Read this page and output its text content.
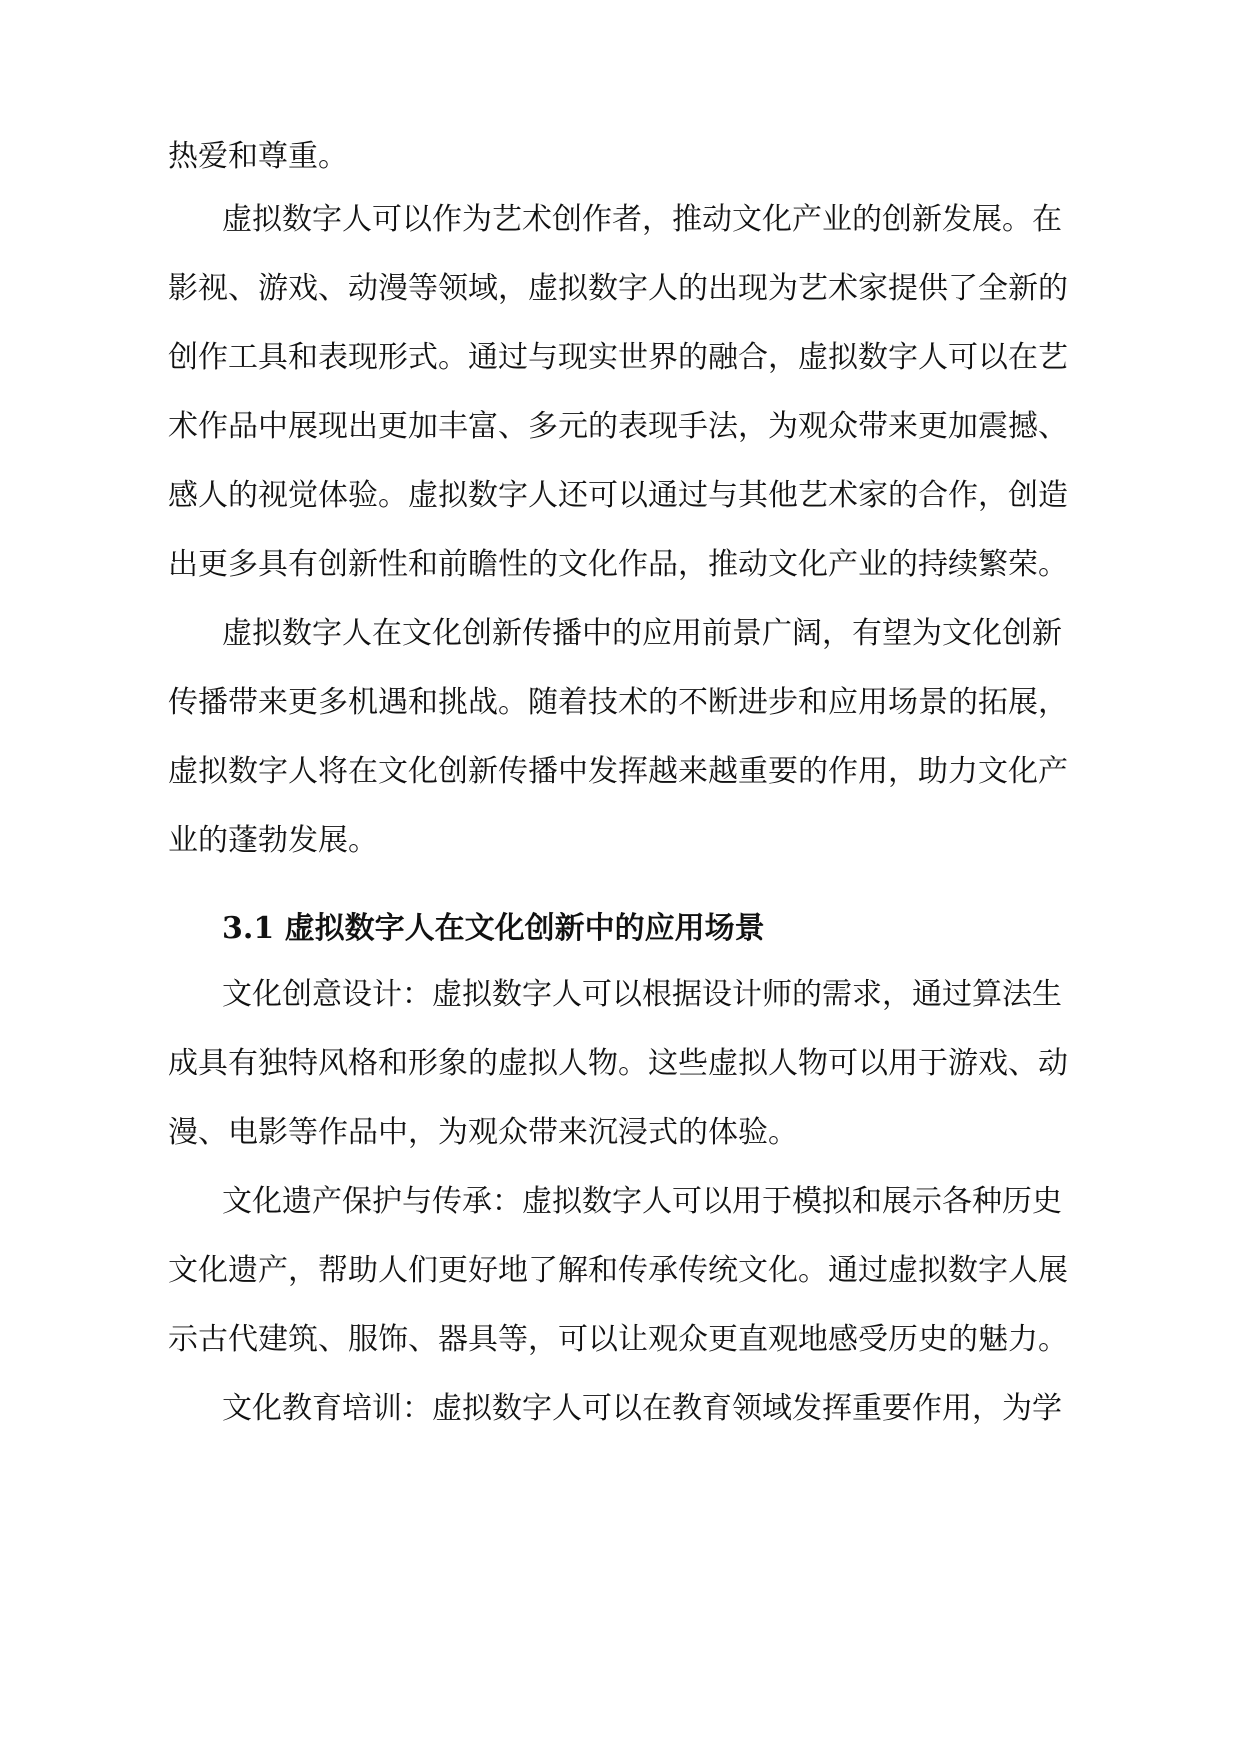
热爱和尊重。
虚拟数字人可以作为艺术创作者，推动文化产业的创新发展。在
影视、游戏、动漫等领域，虚拟数字人的出现为艺术家提供了全新的
创作工具和表现形式。通过与现实世界的融合，虚拟数字人可以在艺
术作品中展现出更加丰富、多元的表现手法，为观众带来更加震撼、
感人的视觉体验。虚拟数字人还可以通过与其他艺术家的合作，创造
出更多具有创新性和前瞻性的文化作品，推动文化产业的持续繁荣。
虚拟数字人在文化创新传播中的应用前景广阔，有望为文化创新
传播带来更多机遇和挑战。随着技术的不断进步和应用场景的拓展，
虚拟数字人将在文化创新传播中发挥越来越重要的作用，助力文化产
业的蓬勃发展。
3.1 虚拟数字人在文化创新中的应用场景
文化创意设计：虚拟数字人可以根据设计师的需求，通过算法生
成具有独特风格和形象的虚拟人物。这些虚拟人物可以用于游戏、动
漫、电影等作品中，为观众带来沉浸式的体验。
文化遗产保护与传承：虚拟数字人可以用于模拟和展示各种历史
文化遗产，帮助人们更好地了解和传承传统文化。通过虚拟数字人展
示古代建筑、服饰、器具等，可以让观众更直观地感受历史的魅力。
文化教育培训：虚拟数字人可以在教育领域发挥重要作用，为学
